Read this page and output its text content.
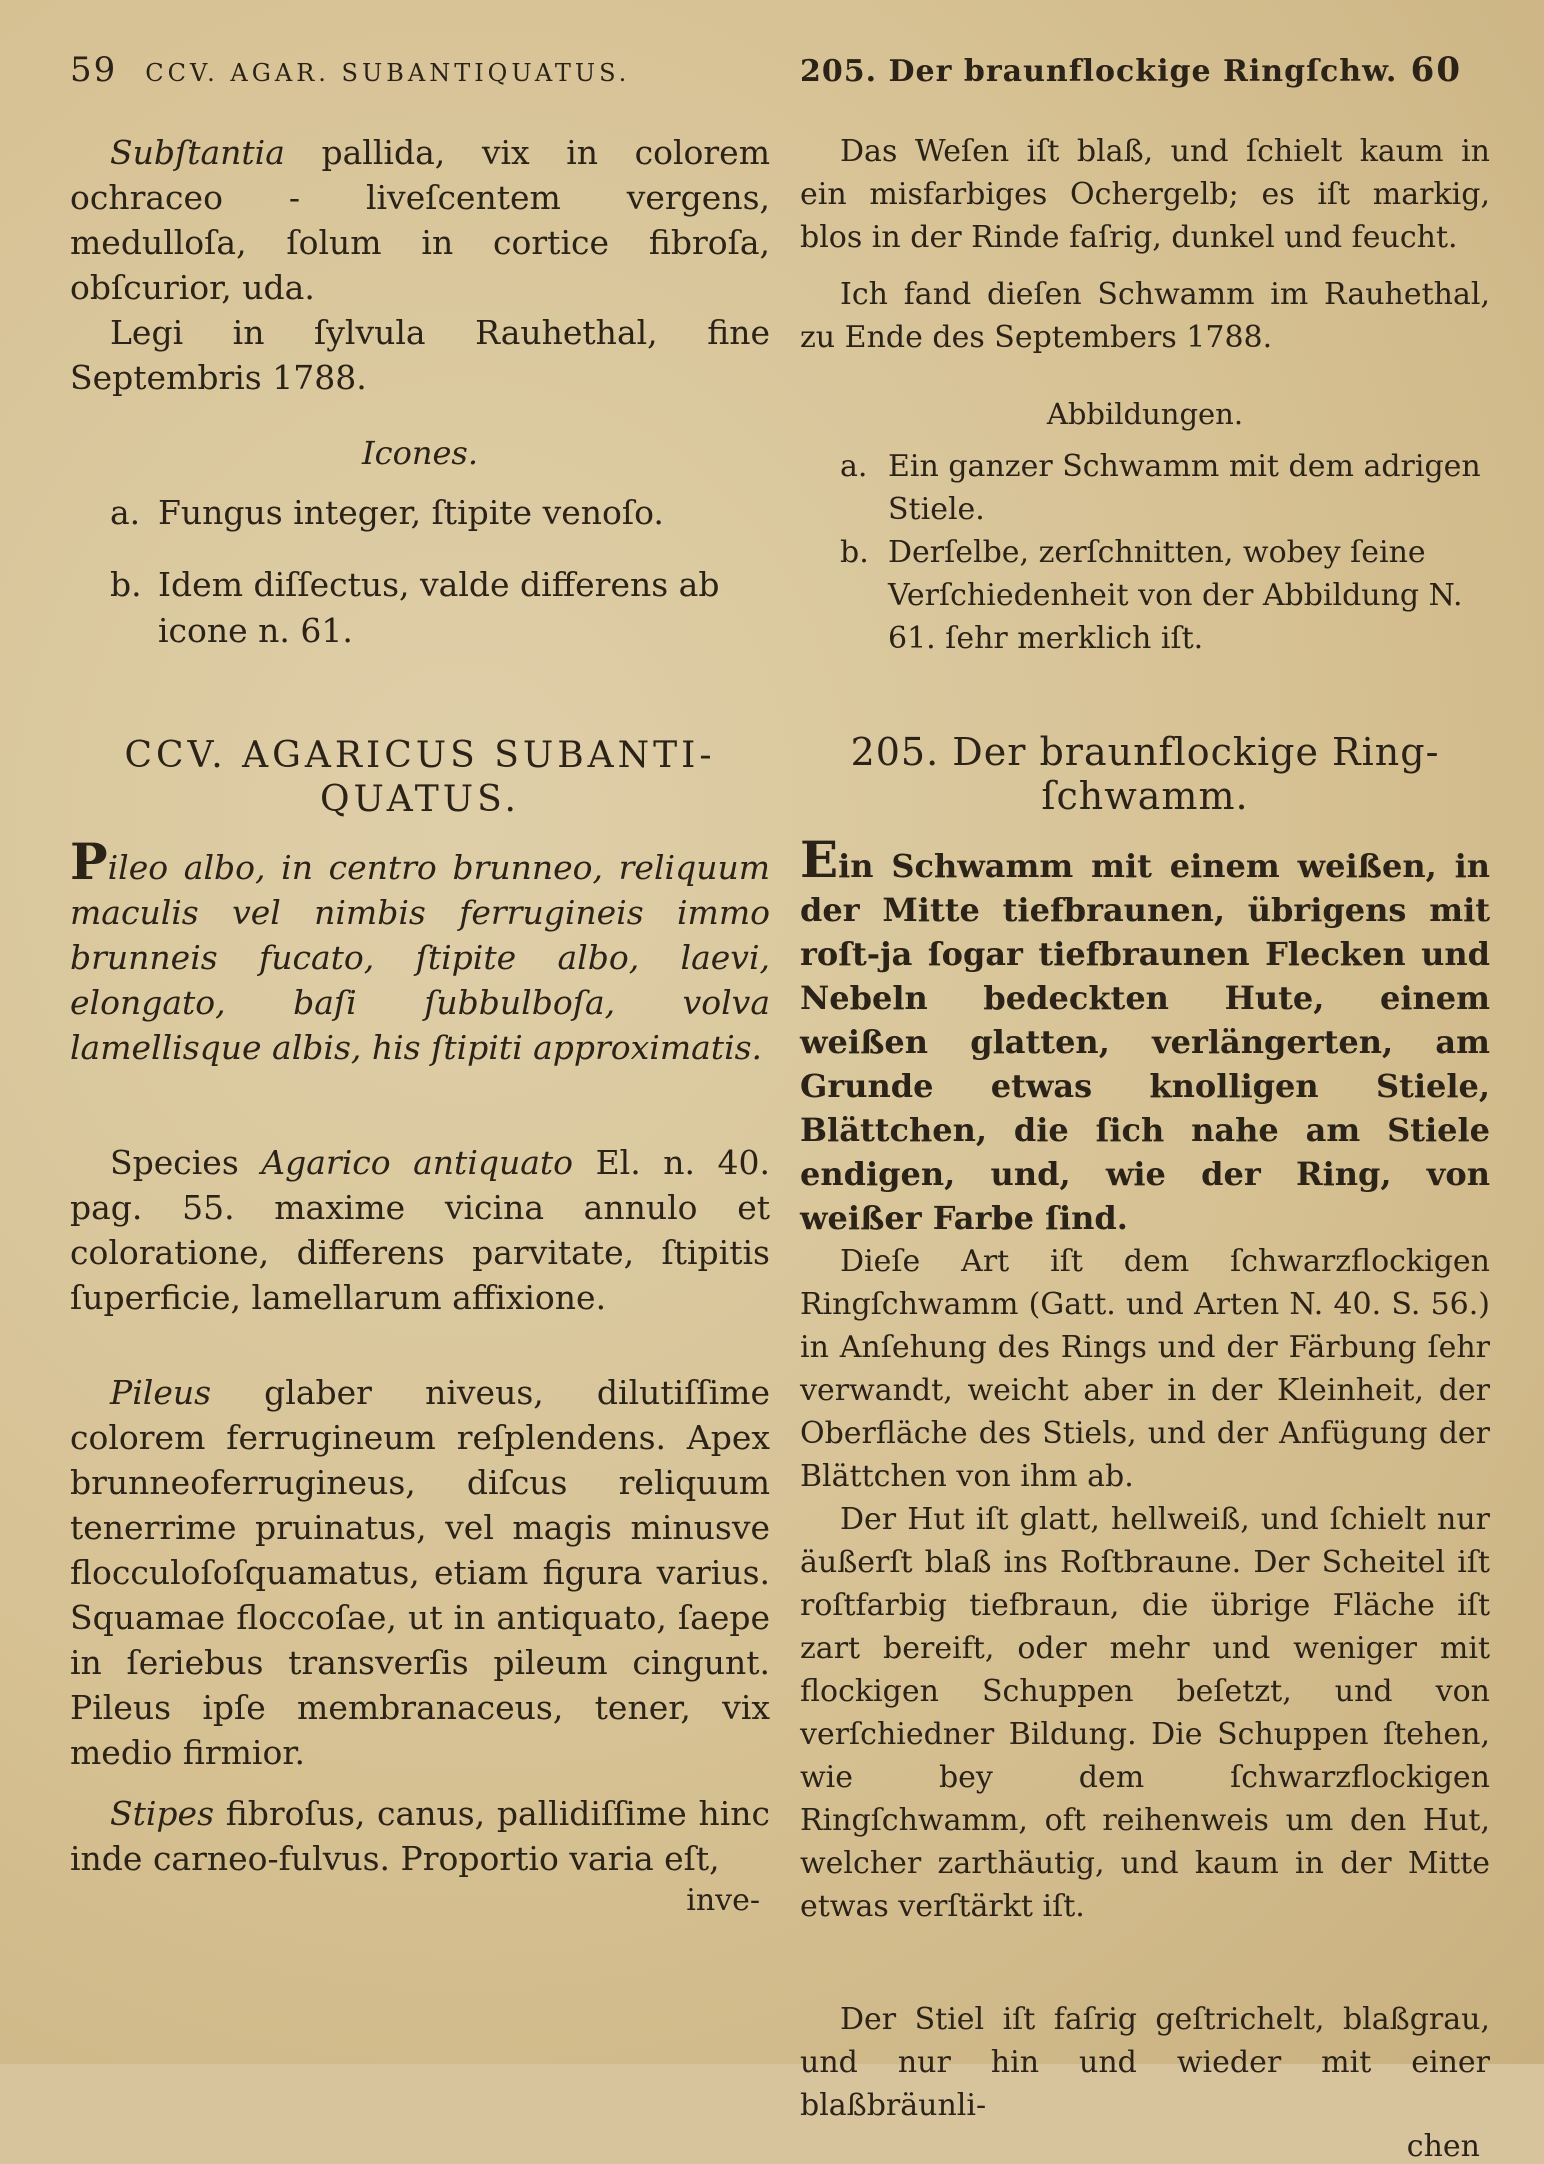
59 CCV. AGAR. SUBANTIQUATUS.

Subſtantia pallida, vix in colorem ochraceo - liveſcentem vergens, medulloſa, ſolum in cortice fibroſa, obſcurior, uda.

Legi in ſylvula Rauhethal, fine Septembris 1788.

Icones.
a. Fungus integer, ſtipite venoſo.
b. Idem diſſectus, valde differens ab icone n. 61.
CCV. AGARICUS SUBANTI-
QUATUS.

Pileo albo, in centro brunneo, reliquum maculis vel nimbis ferrugineis immo brunneis fucato, ſtipite albo, laevi, elongato, baſi ſubbulboſa, volva lamellisque albis, his ſtipiti approximatis.

Species Agarico antiquato El. n. 40. pag. 55. maxime vicina annulo et coloratione, differens parvitate, ſtipitis ſuperficie, lamellarum affixione.

Pileus glaber niveus, dilutiſſime colorem ferrugineum reſplendens. Apex brunneoferrugineus, diſcus reliquum tenerrime pruinatus, vel magis minusve flocculoſoſquamatus, etiam figura varius. Squamae floccoſae, ut in antiquato, ſaepe in ſeriebus transverſis pileum cingunt. Pileus ipſe membranaceus, tener, vix medio firmior.

Stipes fibroſus, canus, pallidiſſime hinc inde carneo-fulvus. Proportio varia eſt,

inve-
205. Der braunflockige Ringſchw. 60

Das Weſen iſt blaß, und ſchielt kaum in ein misfarbiges Ochergelb; es iſt markig, blos in der Rinde faſrig, dunkel und feucht.

Ich fand dieſen Schwamm im Rauhethal, zu Ende des Septembers 1788.

Abbildungen.
a. Ein ganzer Schwamm mit dem adrigen Stiele.
b. Derſelbe, zerſchnitten, wobey ſeine Verſchiedenheit von der Abbildung N. 61. ſehr merklich iſt.
205. Der braunflockige Ring-
ſchwamm.

Ein Schwamm mit einem weißen, in der Mitte tiefbraunen, übrigens mit roſt-ja ſogar tiefbraunen Flecken und Nebeln bedeckten Hute, einem weißen glatten, verlängerten, am Grunde etwas knolligen Stiele, Blättchen, die ſich nahe am Stiele endigen, und, wie der Ring, von weißer Farbe ſind.

Dieſe Art iſt dem ſchwarzflockigen Ringſchwamm (Gatt. und Arten N. 40. S. 56.) in Anſehung des Rings und der Färbung ſehr verwandt, weicht aber in der Kleinheit, der Oberfläche des Stiels, und der Anfügung der Blättchen von ihm ab.

Der Hut iſt glatt, hellweiß, und ſchielt nur äußerſt blaß ins Roſtbraune. Der Scheitel iſt roſtfarbig tiefbraun, die übrige Fläche iſt zart bereift, oder mehr und weniger mit flockigen Schuppen beſetzt, und von verſchiedner Bildung. Die Schuppen ſtehen, wie bey dem ſchwarzflockigen Ringſchwamm, oft reihenweis um den Hut, welcher zarthäutig, und kaum in der Mitte etwas verſtärkt iſt.

Der Stiel iſt faſrig geſtrichelt, blaßgrau, und nur hin und wieder mit einer blaßbräunli-

chen
